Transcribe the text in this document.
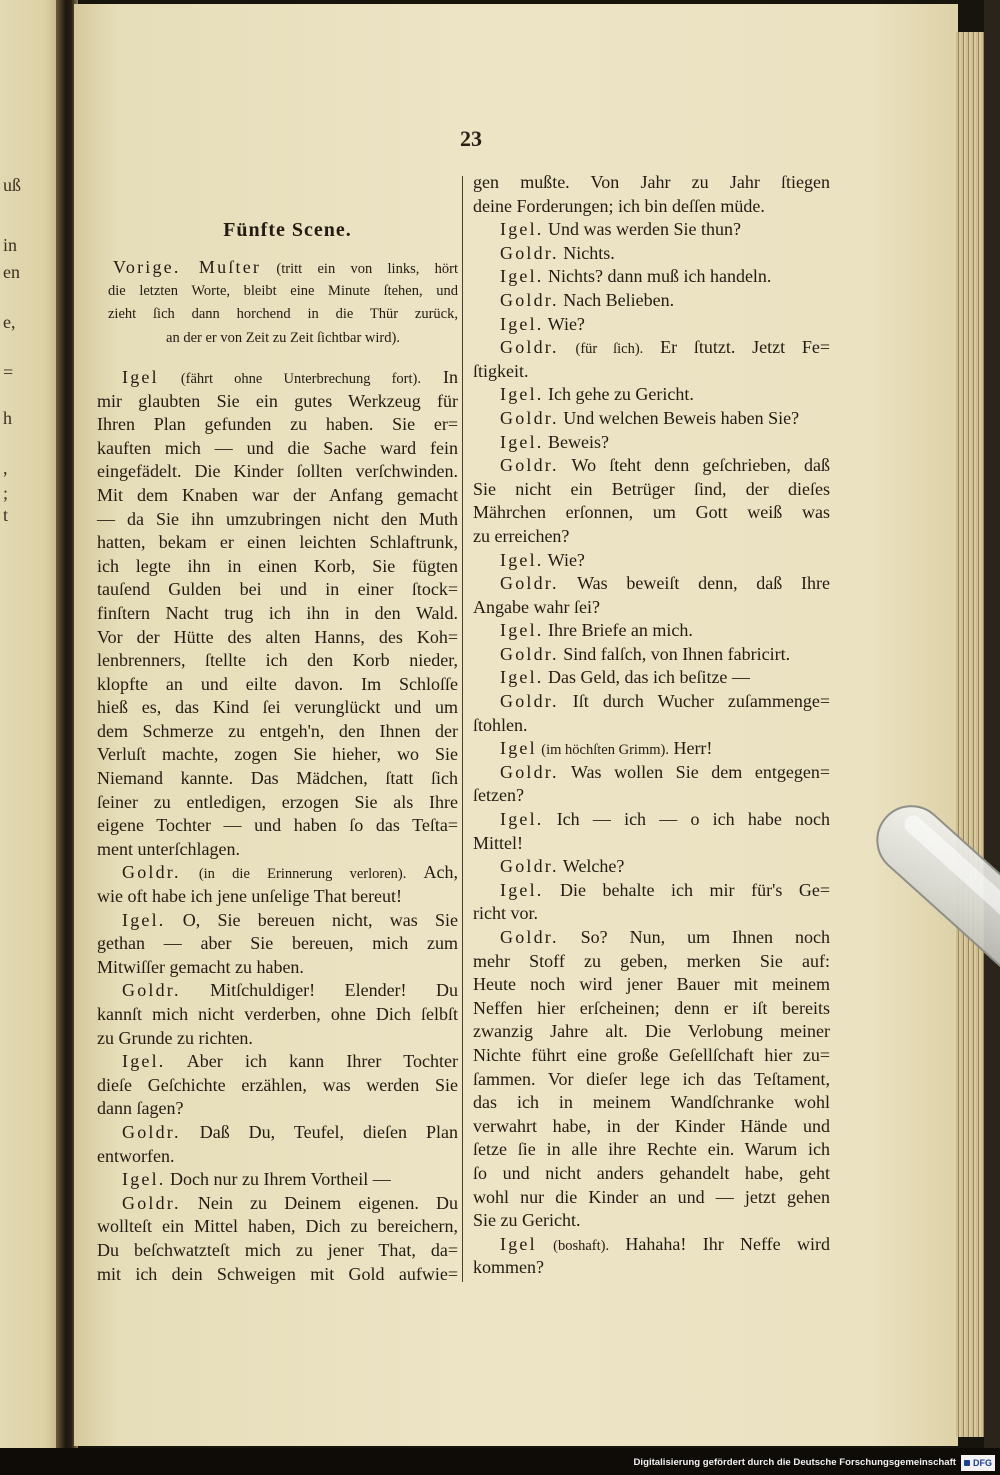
uß
in
en
e,
=
h
,
;
t
23
Fünfte Scene.
Vorige. Muſter (tritt ein von links, hört
die letzten Worte, bleibt eine Minute ſtehen, und
zieht ſich dann horchend in die Thür zurück,
an der er von Zeit zu Zeit ſichtbar wird).
Igel (fährt ohne Unterbrechung fort). In
mir glaubten Sie ein gutes Werkzeug für
Ihren Plan gefunden zu haben. Sie er=
kauften mich — und die Sache ward fein
eingefädelt. Die Kinder ſollten verſchwinden.
Mit dem Knaben war der Anfang gemacht
— da Sie ihn umzubringen nicht den Muth
hatten, bekam er einen leichten Schlaftrunk,
ich legte ihn in einen Korb, Sie fügten
tauſend Gulden bei und in einer ſtock=
finſtern Nacht trug ich ihn in den Wald.
Vor der Hütte des alten Hanns, des Koh=
lenbrenners, ſtellte ich den Korb nieder,
klopfte an und eilte davon. Im Schloſſe
hieß es, das Kind ſei verunglückt und um
dem Schmerze zu entgeh'n, den Ihnen der
Verluſt machte, zogen Sie hieher, wo Sie
Niemand kannte. Das Mädchen, ſtatt ſich
ſeiner zu entledigen, erzogen Sie als Ihre
eigene Tochter — und haben ſo das Teſta=
ment unterſchlagen.
Goldr. (in die Erinnerung verloren). Ach,
wie oft habe ich jene unſelige That bereut!
Igel. O, Sie bereuen nicht, was Sie
gethan — aber Sie bereuen, mich zum
Mitwiſſer gemacht zu haben.
Goldr. Mitſchuldiger! Elender! Du
kannſt mich nicht verderben, ohne Dich ſelbſt
zu Grunde zu richten.
Igel. Aber ich kann Ihrer Tochter
dieſe Geſchichte erzählen, was werden Sie
dann ſagen?
Goldr. Daß Du, Teufel, dieſen Plan
entworfen.
Igel. Doch nur zu Ihrem Vortheil —
Goldr. Nein zu Deinem eigenen. Du
wollteſt ein Mittel haben, Dich zu bereichern,
Du beſchwatzteſt mich zu jener That, da=
mit ich dein Schweigen mit Gold aufwie=
gen mußte. Von Jahr zu Jahr ſtiegen
deine Forderungen; ich bin deſſen müde.
Igel. Und was werden Sie thun?
Goldr. Nichts.
Igel. Nichts? dann muß ich handeln.
Goldr. Nach Belieben.
Igel. Wie?
Goldr. (für ſich). Er ſtutzt. Jetzt Fe=
ſtigkeit.
Igel. Ich gehe zu Gericht.
Goldr. Und welchen Beweis haben Sie?
Igel. Beweis?
Goldr. Wo ſteht denn geſchrieben, daß
Sie nicht ein Betrüger ſind, der dieſes
Mährchen erſonnen, um Gott weiß was
zu erreichen?
Igel. Wie?
Goldr. Was beweiſt denn, daß Ihre
Angabe wahr ſei?
Igel. Ihre Briefe an mich.
Goldr. Sind falſch, von Ihnen fabricirt.
Igel. Das Geld, das ich beſitze —
Goldr. Iſt durch Wucher zuſammenge=
ſtohlen.
Igel (im höchſten Grimm). Herr!
Goldr. Was wollen Sie dem entgegen=
ſetzen?
Igel. Ich — ich — o ich habe noch
Mittel!
Goldr. Welche?
Igel. Die behalte ich mir für's Ge=
richt vor.
Goldr. So? Nun, um Ihnen noch
mehr Stoff zu geben, merken Sie auf:
Heute noch wird jener Bauer mit meinem
Neffen hier erſcheinen; denn er iſt bereits
zwanzig Jahre alt. Die Verlobung meiner
Nichte führt eine große Geſellſchaft hier zu=
ſammen. Vor dieſer lege ich das Teſtament,
das ich in meinem Wandſchranke wohl
verwahrt habe, in der Kinder Hände und
ſetze ſie in alle ihre Rechte ein. Warum ich
ſo und nicht anders gehandelt habe, geht
wohl nur die Kinder an und — jetzt gehen
Sie zu Gericht.
Igel (boshaft). Hahaha! Ihr Neffe wird
kommen?
Digitalisierung gefördert durch die Deutsche Forschungsgemeinschaft	DFG
